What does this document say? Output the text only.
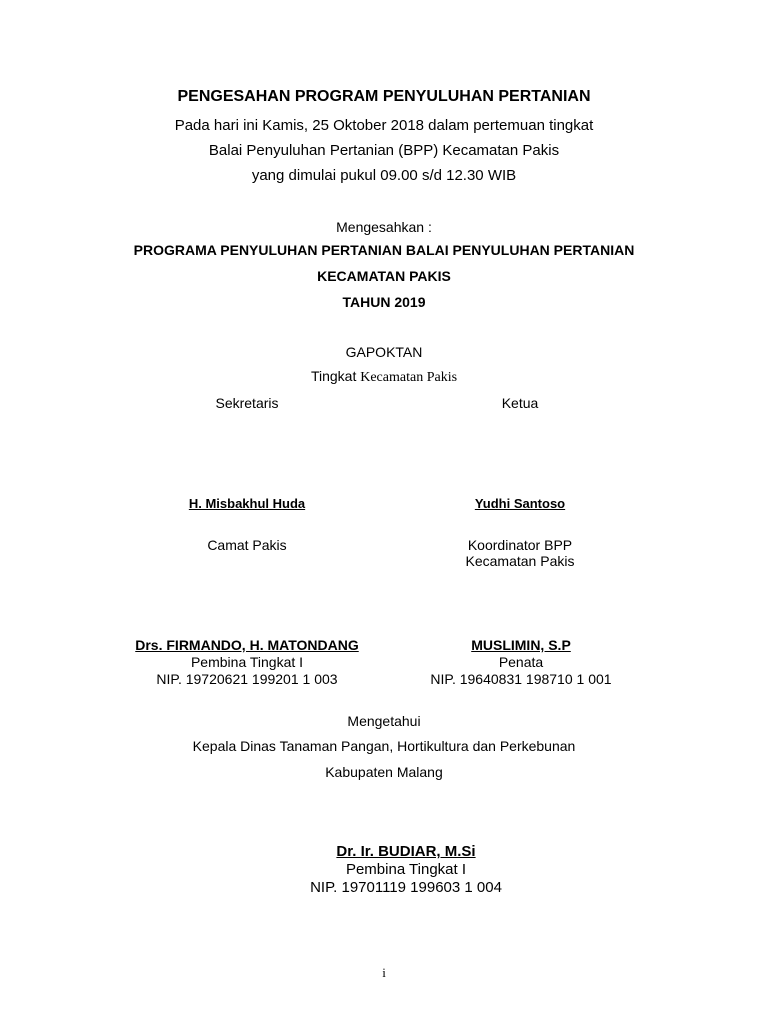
PENGESAHAN PROGRAM PENYULUHAN PERTANIAN
Pada hari ini Kamis, 25 Oktober 2018 dalam pertemuan tingkat
Balai Penyuluhan Pertanian (BPP) Kecamatan Pakis
yang dimulai pukul 09.00 s/d 12.30 WIB
Mengesahkan :
PROGRAMA PENYULUHAN PERTANIAN BALAI PENYULUHAN PERTANIAN
KECAMATAN PAKIS
TAHUN 2019
GAPOKTAN
Tingkat Kecamatan Pakis
Sekretaris	Ketua
H. Misbakhul Huda	Yudhi Santoso
Camat Pakis	Koordinator BPP
Kecamatan Pakis
Drs. FIRMANDO, H. MATONDANG
Pembina Tingkat I
NIP. 19720621 199201 1 003
MUSLIMIN, S.P
Penata
NIP. 19640831 198710 1 001
Mengetahui
Kepala Dinas Tanaman Pangan, Hortikultura dan Perkebunan
Kabupaten Malang
Dr. Ir. BUDIAR, M.Si
Pembina Tingkat I
NIP. 19701119 199603 1 004
i
